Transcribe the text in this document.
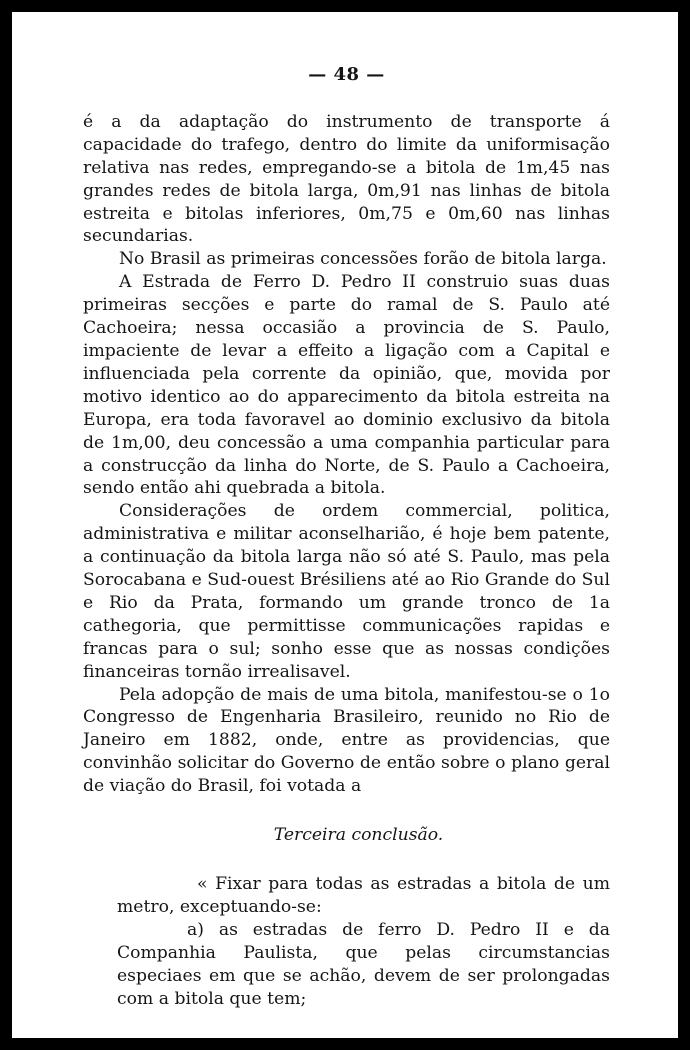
— 48 —

é a da adaptação do instrumento de transporte á capacidade do trafego, dentro do limite da uniformisação relativa nas redes, empregando-se a bitola de 1m,45 nas grandes redes de bitola larga, 0m,91 nas linhas de bitola estreita e bitolas inferiores, 0m,75 e 0m,60 nas linhas secundarias.

No Brasil as primeiras concessões forão de bitola larga.

A Estrada de Ferro D. Pedro II construio suas duas primeiras secções e parte do ramal de S. Paulo até Cachoeira; nessa occasião a provincia de S. Paulo, impaciente de levar a effeito a ligação com a Capital e influenciada pela corrente da opinião, que, movida por motivo identico ao do apparecimento da bitola estreita na Europa, era toda favoravel ao dominio exclusivo da bitola de 1m,00, deu concessão a uma companhia particular para a construcção da linha do Norte, de S. Paulo a Cachoeira, sendo então ahi quebrada a bitola.

Considerações de ordem commercial, politica, administrativa e militar aconselharião, é hoje bem patente, a continuação da bitola larga não só até S. Paulo, mas pela Sorocabana e Sud-ouest Brésiliens até ao Rio Grande do Sul e Rio da Prata, formando um grande tronco de 1a cathegoria, que permittisse communicações rapidas e francas para o sul; sonho esse que as nossas condições financeiras tornão irrealisavel.

Pela adopção de mais de uma bitola, manifestou-se o 1o Congresso de Engenharia Brasileiro, reunido no Rio de Janeiro em 1882, onde, entre as providencias, que convinhão solicitar do Governo de então sobre o plano geral de viação do Brasil, foi votada a

Terceira conclusão.

« Fixar para todas as estradas a bitola de um metro, exceptuando-se:

a) as estradas de ferro D. Pedro II e da Companhia Paulista, que pelas circumstancias especiaes em que se achão, devem de ser prolongadas com a bitola que tem;
